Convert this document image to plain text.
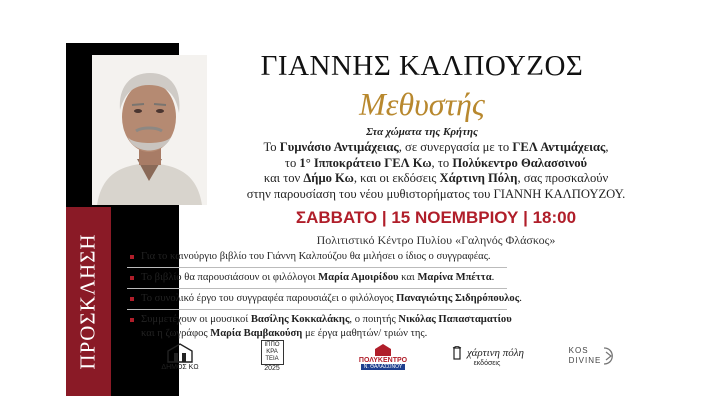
ΠΡΟΣΚΛΗΣΗ
ΓΙΑΝΝΗΣ ΚΑΛΠΟΥΖΟΣ
Μεθυστής
Στα χώματα της Κρήτης
Το Γυμνάσιο Αντιμάχειας, σε συνεργασία με το ΓΕΛ Αντιμάχειας,
το 1° Ιπποκράτειο ΓΕΛ Κω, το Πολύκεντρο Θαλασσινού
και τον Δήμο Κω, και οι εκδόσεις Χάρτινη Πόλη, σας προσκαλούν
στην παρουσίαση του νέου μυθιστορήματος του ΓΙΑΝΝΗ ΚΑΛΠΟΥΖΟΥ.
ΣΑΒΒΑΤΟ | 15 ΝΟΕΜΒΡΙΟΥ | 18:00
Πολιτιστικό Κέντρο Πυλίου «Γαληνός Φλάσκος»
Για το καινούργιο βιβλίο του Γιάννη Καλπούζου θα μιλήσει ο ίδιος ο συγγραφέας.
Το βιβλίο θα παρουσιάσουν οι φιλόλογοι Μαρία Αμοιρίδου και Μαρίνα Μπέττα.
Το συνολικό έργο του συγγραφέα παρουσιάζει ο φιλόλογος Παναγιώτης Σιδηρόπουλος.
Συμμετέχουν οι μουσικοί Βασίλης Κοκκαλάκης, ο ποιητής Νικόλας Παπασταματίου
και η ζωγράφος Μαρία Βαμβακούση με έργα μαθητών/ τριών της.
ΔΗΜΟΣ ΚΩ
ΙΠΠΟ
ΚΡΑ
ΤΕΙΑ
2025
ΠΟΛΥΚΕΝΤΡΟ
Ν. ΘΑΛΑΣΣΙΝΟΥ
χάρτινη πόλη
εκδόσεις
KOS
DIVINE
